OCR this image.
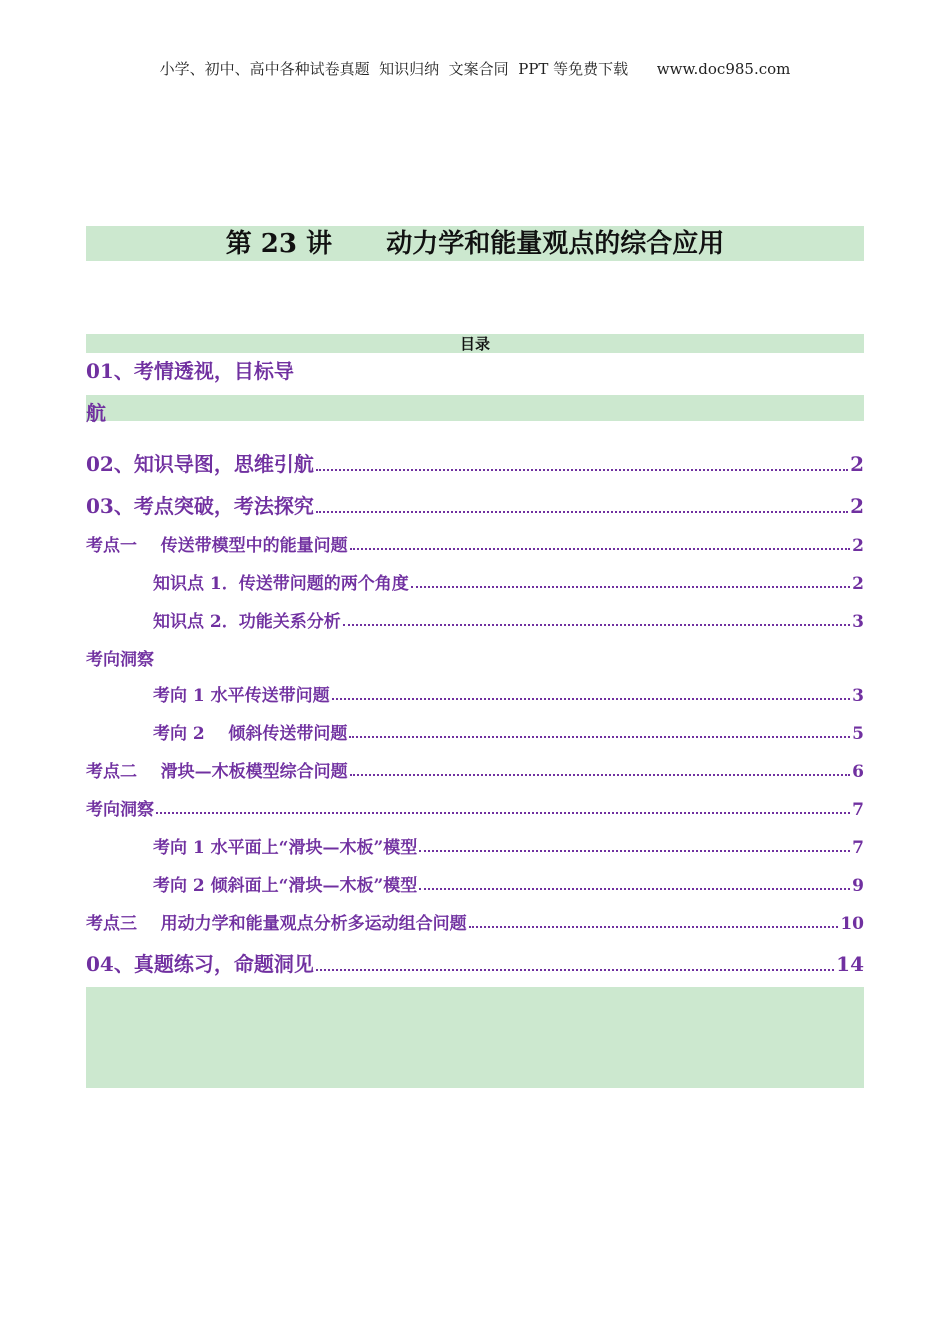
小学、初中、高中各种试卷真题  知识归纳  文案合同  PPT 等免费下载      www.doc985.com
第 23 讲      动力学和能量观点的综合应用
目录
01、考情透视，目标导
航
02、知识导图，思维引航	2
03、考点突破，考法探究	2
考点一    传送带模型中的能量问题	2
知识点 1．传送带问题的两个角度	2
知识点 2．功能关系分析	3
考向洞察
考向 1 水平传送带问题	3
考向 2    倾斜传送带问题	5
考点二    滑块—木板模型综合问题	6
考向洞察	7
考向 1 水平面上“滑块—木板”模型	7
考向 2 倾斜面上“滑块—木板”模型	9
考点三    用动力学和能量观点分析多运动组合问题	10
04、真题练习，命题洞见	14
